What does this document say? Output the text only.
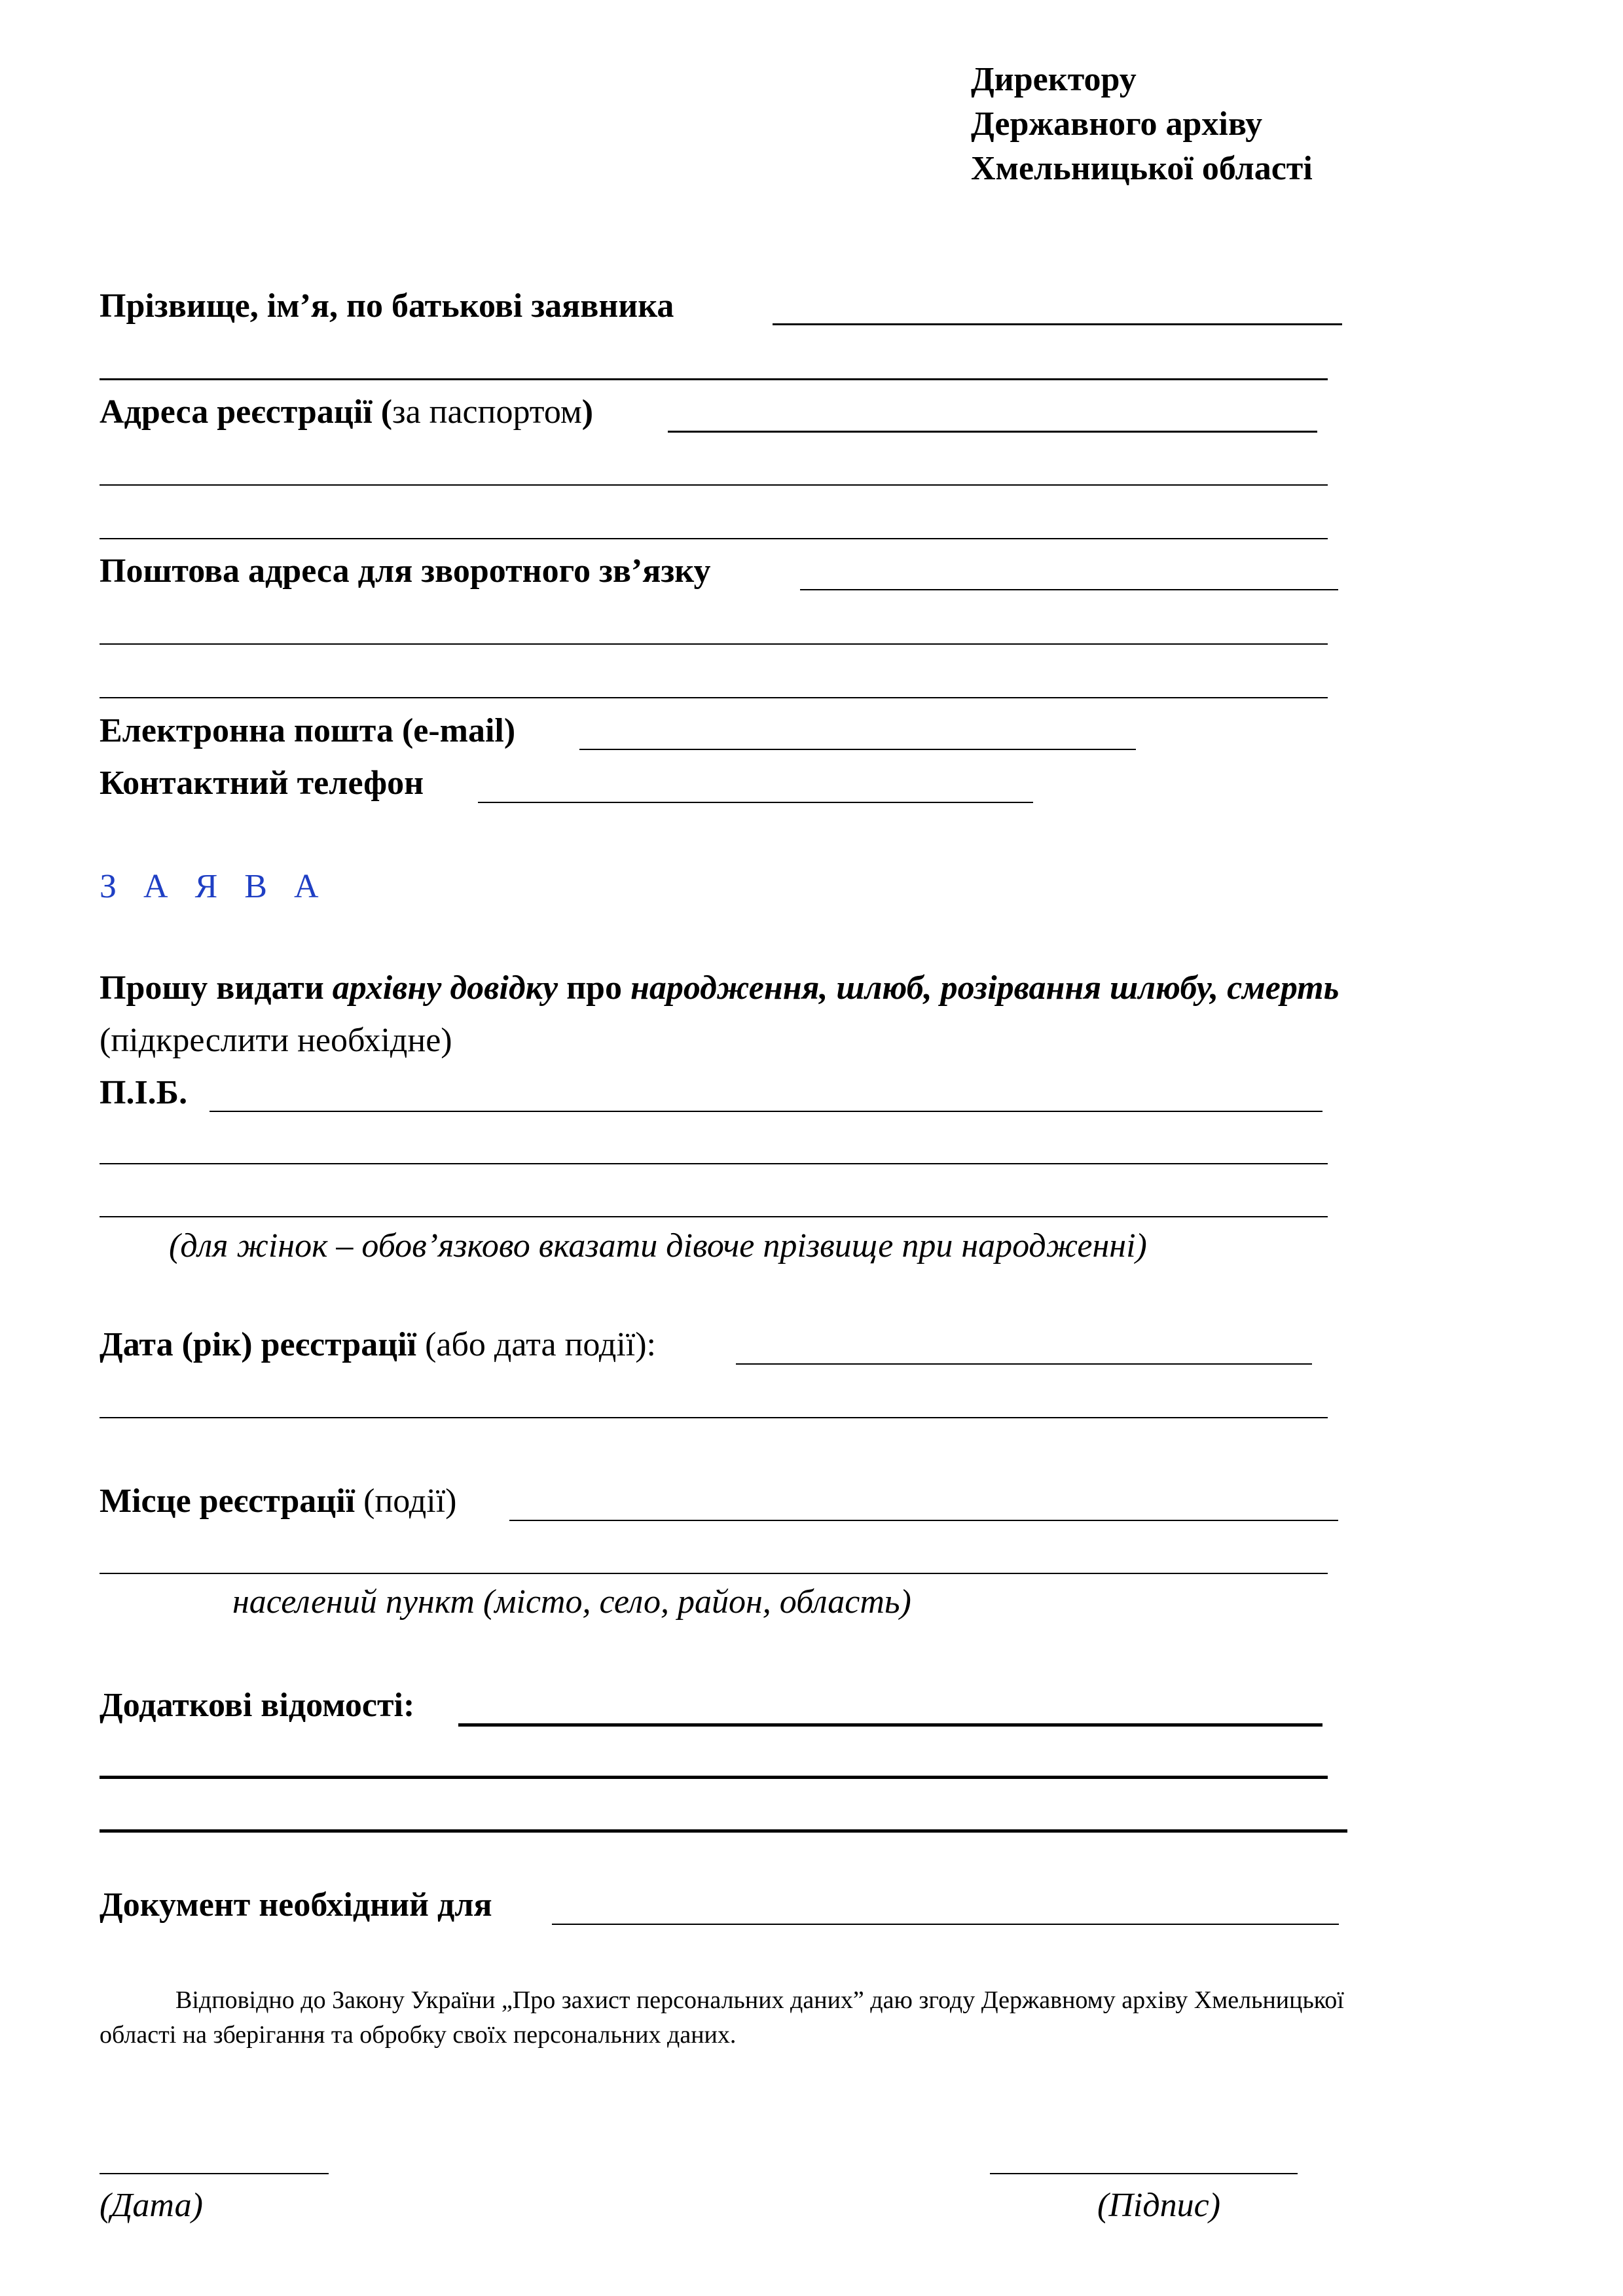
Директору
Державного архіву
Хмельницької області
Прізвище, ім’я, по батькові заявника
Адреса реєстрації (за паспортом)
Поштова адреса для зворотного зв’язку
Електронна пошта (e-mail)
Контактний телефон
З А Я В А
Прошу видати архівну довідку про народження, шлюб, розірвання шлюбу, смерть
(підкреслити необхідне)
П.І.Б.
(для жінок – обов’язково вказати дівоче прізвище при народженні)
Дата (рік) реєстрації (або дата події):
Місце реєстрації (події)
населений пункт (місто, село, район, область)
Додаткові відомості:
Документ необхідний для
Відповідно до Закону України „Про захист персональних даних” даю згоду Державному архіву Хмельницької
області на зберігання та обробку своїх персональних даних.
(Дата)	(Підпис)
